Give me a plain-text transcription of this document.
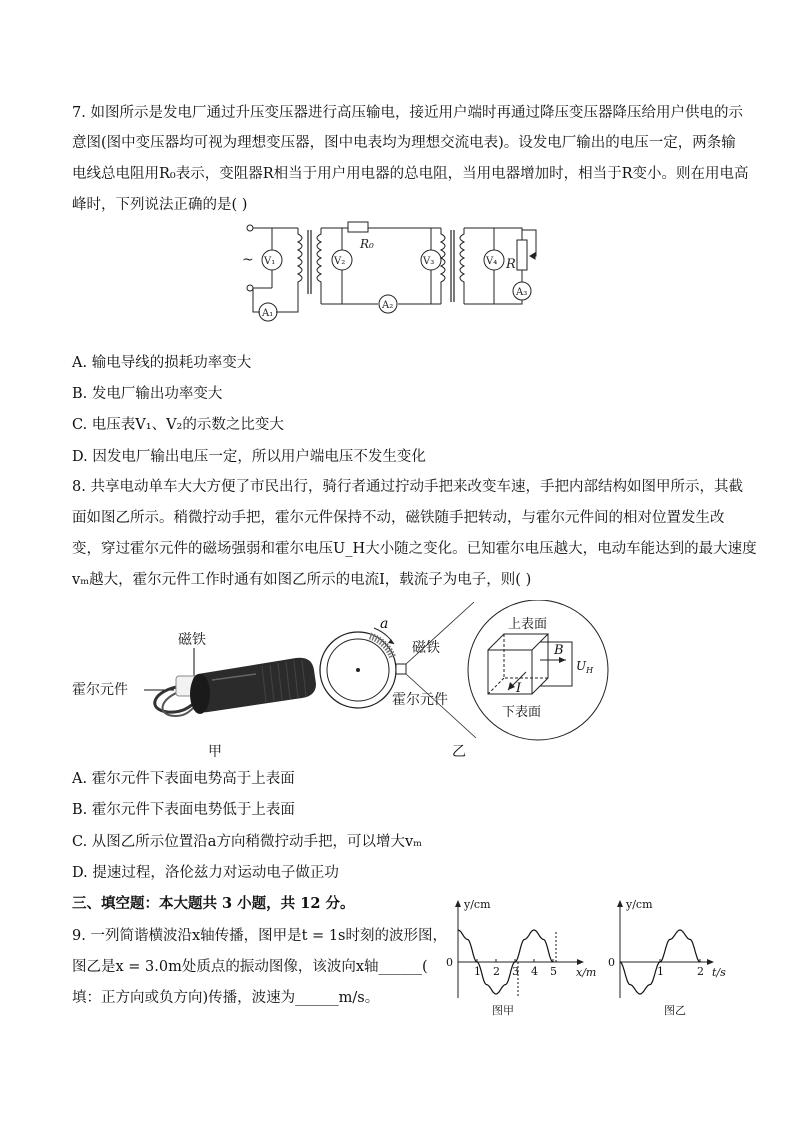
7. 如图所示是发电厂通过升压变压器进行高压输电，接近用户端时再通过降压变压器降压给用户供电的示
意图(图中变压器均可视为理想变压器，图中电表均为理想交流电表)。设发电厂输出的电压一定，两条输
电线总电阻用R₀表示，变阻器R相当于用户用电器的总电阻，当用电器增加时，相当于R变小。则在用电高
峰时，下列说法正确的是( )
~
A₁
V₁
R₀
A₂
V₂	V₃	V₄ R
A₃
A. 输电导线的损耗功率变大
B. 发电厂输出功率变大
C. 电压表V₁、V₂的示数之比变大
D. 因发电厂输出电压一定，所以用户端电压不发生变化
8. 共享电动单车大大方便了市民出行，骑行者通过拧动手把来改变车速，手把内部结构如图甲所示，其截
面如图乙所示。稍微拧动手把，霍尔元件保持不动，磁铁随手把转动，与霍尔元件间的相对位置发生改
变，穿过霍尔元件的磁场强弱和霍尔电压U_H大小随之变化。已知霍尔电压越大，电动车能达到的最大速度
vₘ越大，霍尔元件工作时通有如图乙所示的电流I，载流子为电子，则( )
磁铁
霍尔元件
甲
a
磁铁
霍尔元件
上表面
下表面
B
I
$U_H$
乙
A. 霍尔元件下表面电势高于上表面
B. 霍尔元件下表面电势低于上表面
C. 从图乙所示位置沿a方向稍微拧动手把，可以增大vₘ
D. 提速过程，洛伦兹力对运动电子做正功
三、填空题：本大题共 3 小题，共 12 分。
9. 一列简谐横波沿x轴传播，图甲是t = 1s时刻的波形图，
图乙是x = 3.0m处质点的振动图像，该波向x轴______(
填：正方向或负方向)传播，波速为______m/s。
y/cm
x/m
0
1 2 3 4 5
图甲
y/cm
t/s
0
1	2
图乙
